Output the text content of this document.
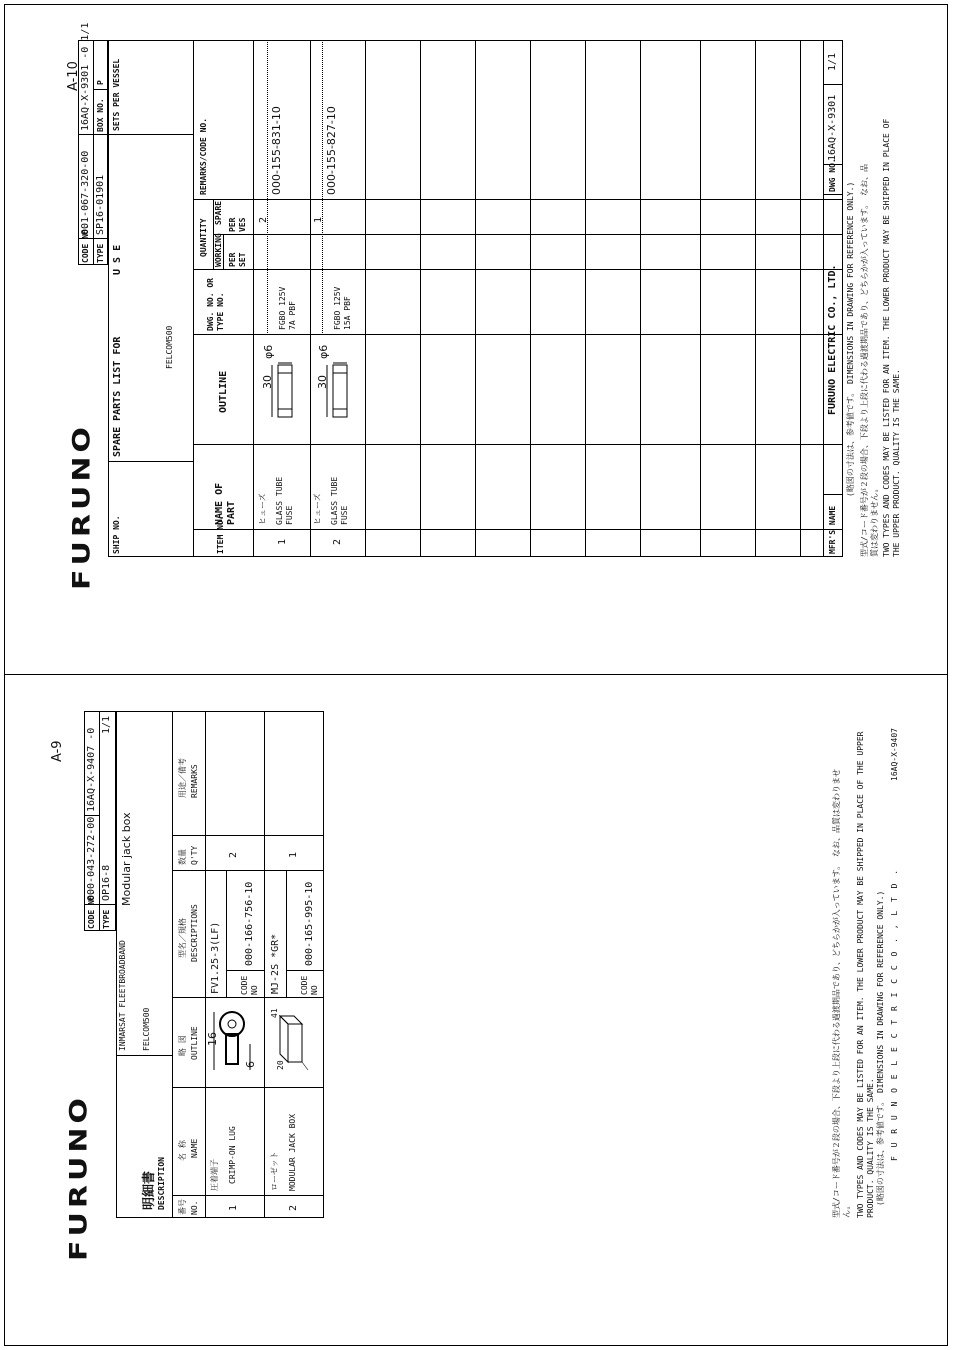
A-10
FURUNO
CODE NO.
001-067-320-00
16AQ-X-9301 -0 1/1
TYPE
SP16-01901
BOX NO.
P
SHIP NO.
SPARE PARTS LIST FOR	FELCOM500
U S E
SETS PER VESSEL
ITEM NO.
NAME OF PART
OUTLINE
DWG. NO. OR TYPE NO.
QUANTITY WORKING PER SET
PER VES
SPARE
REMARKS/CODE NO.
1
ヒューズ GLASS TUBE FUSE
30
φ6
FGBO 125V 7A PBF
2
000-155-831-10
2
ヒューズ GLASS TUBE FUSE
30
φ6
FGBO 125V 15A PBF
1
000-155-827-10
MFR'S NAME
FURUNO ELECTRIC CO., LTD.
DWG NO.
16AQ-X-9301
1/1
(略図の寸法は、参考値です。 DIMENSIONS IN DRAWING FOR REFERENCE ONLY.) 型式/コード番号が２段の場合、下段より上段に代わる過渡期品であり、どちらかが入っています。 なお、品 質は変わりません。 TWO TYPES AND CODES MAY BE LISTED FOR AN ITEM. THE LOWER PRODUCT MAY BE SHIPPED IN PLACE OF THE UPPER PRODUCT. QUALITY IS THE SAME.
A-9
FURUNO
CODE NO.
000-043-272-00
16AQ-X-9407 -0
1/1
TYPE
OP16-8 Modular jack box
明細書 DESCRIPTION
INMARSAT FLEETBROADBAND FELCOM500
番号 NO.
名 称 NAME
略 図 OUTLINE
型名／規格 DESCRIPTIONS
数量 Q'TY
用途／備考 REMARKS
1
圧着端子 CRIMP-ON LUG
16
6
FV1.25-3(LF) CODE NO
000-166-756-10
2
2
ローゼット MODULAR JACK BOX
20
41
MJ-2S *GR* CODE NO
000-165-995-10
1	型式/コード番号が２段の場合、下段より上段に代わる過渡期品であり、どちらかが入っています。 なお、品質は変わりませ ん。 TWO TYPES AND CODES MAY BE LISTED FOR AN ITEM. THE LOWER PRODUCT MAY BE SHIPPED IN PLACE OF THE UPPER PRODUCT. QUALITY IS THE SAME. (略図の寸法は、参考値です。 DIMENSIONS IN DRAWING FOR REFERENCE ONLY.) F U R U N O E L E C T R I C C O . , L T D .
16AQ-X-9407
